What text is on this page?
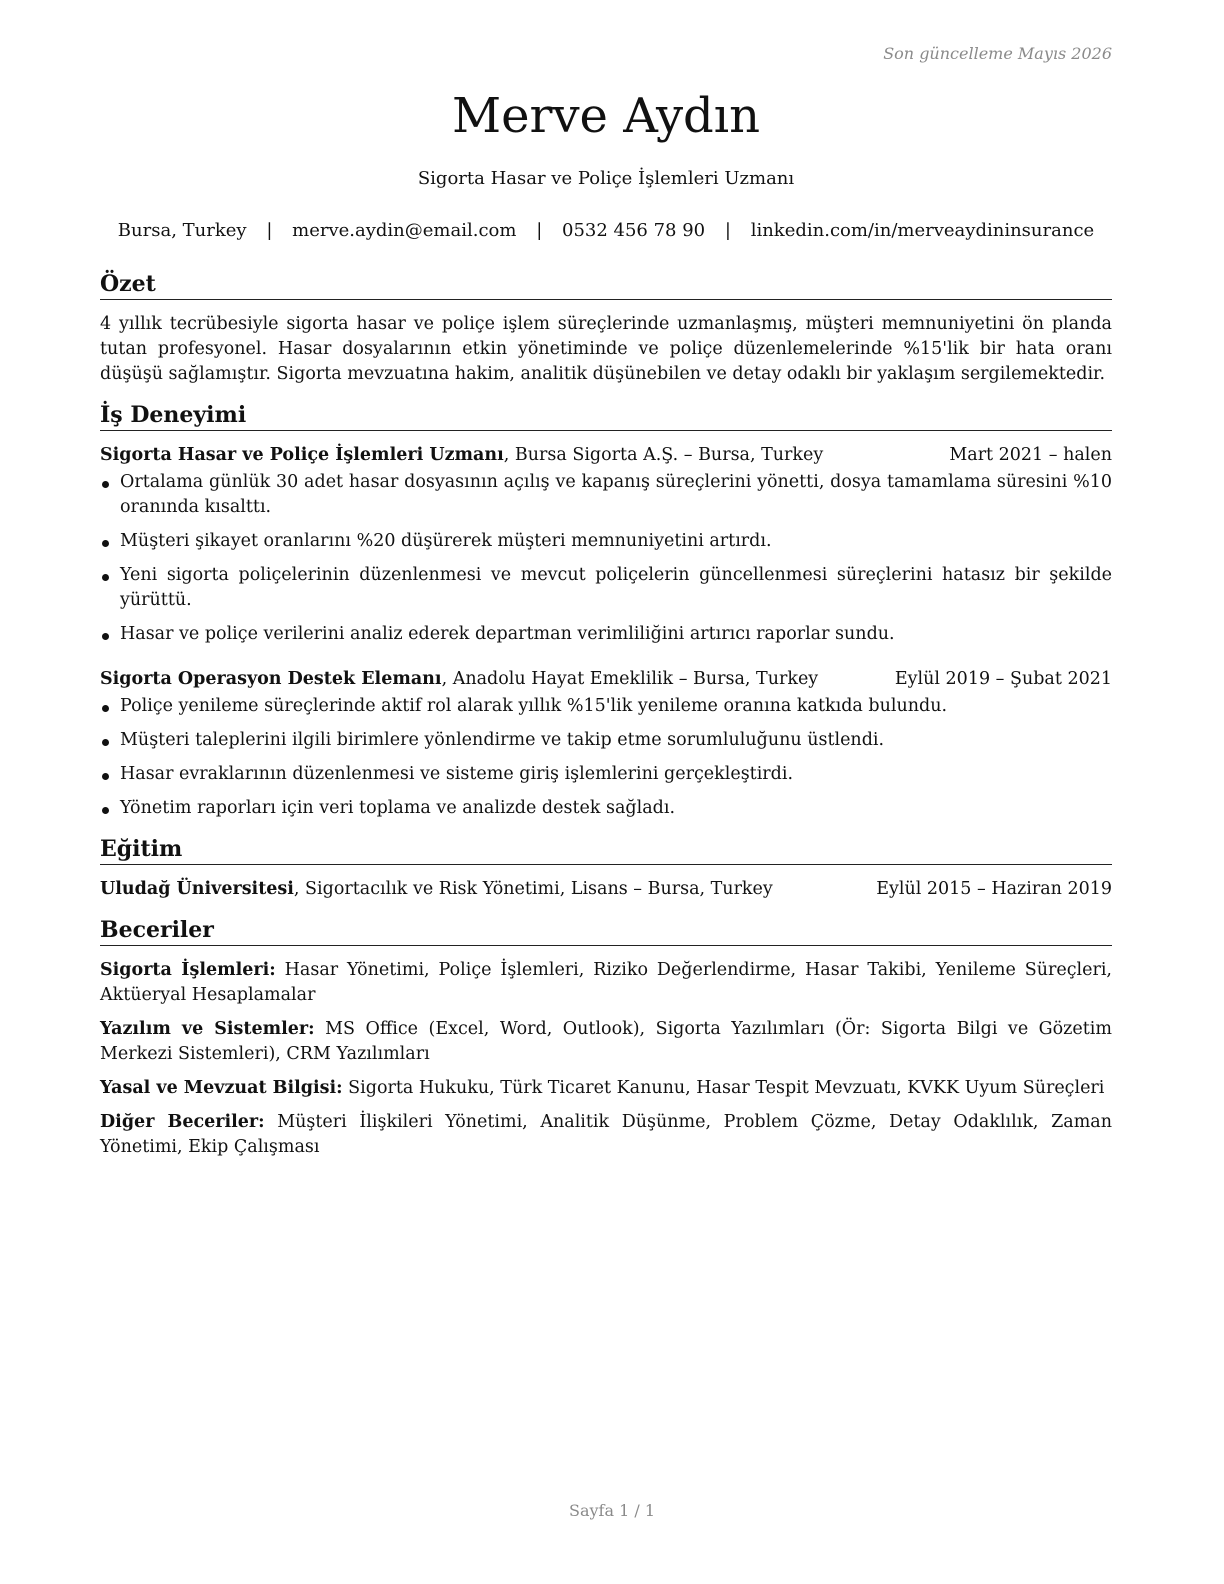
Son güncelleme Mayıs 2026
Merve Aydın
Sigorta Hasar ve Poliçe İşlemleri Uzmanı
Bursa, Turkey | merve.aydin@email.com | 0532 456 78 90 | linkedin.com/in/merveaydininsurance
Özet

4 yıllık tecrübesiyle sigorta hasar ve poliçe işlem süreçlerinde uzmanlaşmış, müşteri memnuniyetini ön planda tutan profesyonel. Hasar dosyalarının etkin yönetiminde ve poliçe düzenlemelerinde %15'lik bir hata oranı düşüşü sağlamıştır. Sigorta mevzuatına hakim, analitik düşünebilen ve detay odaklı bir yaklaşım sergilemektedir.

İş Deneyimi
Sigorta Hasar ve Poliçe İşlemleri Uzmanı, Bursa Sigorta A.Ş. – Bursa, Turkey	Mart 2021 – halen
Ortalama günlük 30 adet hasar dosyasının açılış ve kapanış süreçlerini yönetti, dosya tamamlama süresini %10 oranında kısalttı.
Müşteri şikayet oranlarını %20 düşürerek müşteri memnuniyetini artırdı.
Yeni sigorta poliçelerinin düzenlenmesi ve mevcut poliçelerin güncellenmesi süreçlerini hatasız bir şekilde yürüttü.
Hasar ve poliçe verilerini analiz ederek departman verimliliğini artırıcı raporlar sundu.
Sigorta Operasyon Destek Elemanı, Anadolu Hayat Emeklilik – Bursa, Turkey	Eylül 2019 – Şubat 2021
Poliçe yenileme süreçlerinde aktif rol alarak yıllık %15'lik yenileme oranına katkıda bulundu.
Müşteri taleplerini ilgili birimlere yönlendirme ve takip etme sorumluluğunu üstlendi.
Hasar evraklarının düzenlenmesi ve sisteme giriş işlemlerini gerçekleştirdi.
Yönetim raporları için veri toplama ve analizde destek sağladı.
Eğitim
Uludağ Üniversitesi, Sigortacılık ve Risk Yönetimi, Lisans – Bursa, Turkey	Eylül 2015 – Haziran 2019
Beceriler

Sigorta İşlemleri: Hasar Yönetimi, Poliçe İşlemleri, Riziko Değerlendirme, Hasar Takibi, Yenileme Süreçleri, Aktüeryal Hesaplamalar

Yazılım ve Sistemler: MS Office (Excel, Word, Outlook), Sigorta Yazılımları (Ör: Sigorta Bilgi ve Gözetim Merkezi Sistemleri), CRM Yazılımları

Yasal ve Mevzuat Bilgisi: Sigorta Hukuku, Türk Ticaret Kanunu, Hasar Tespit Mevzuatı, KVKK Uyum Süreçleri

Diğer Beceriler: Müşteri İlişkileri Yönetimi, Analitik Düşünme, Problem Çözme, Detay Odaklılık, Zaman Yönetimi, Ekip Çalışması

Sayfa 1 / 1
